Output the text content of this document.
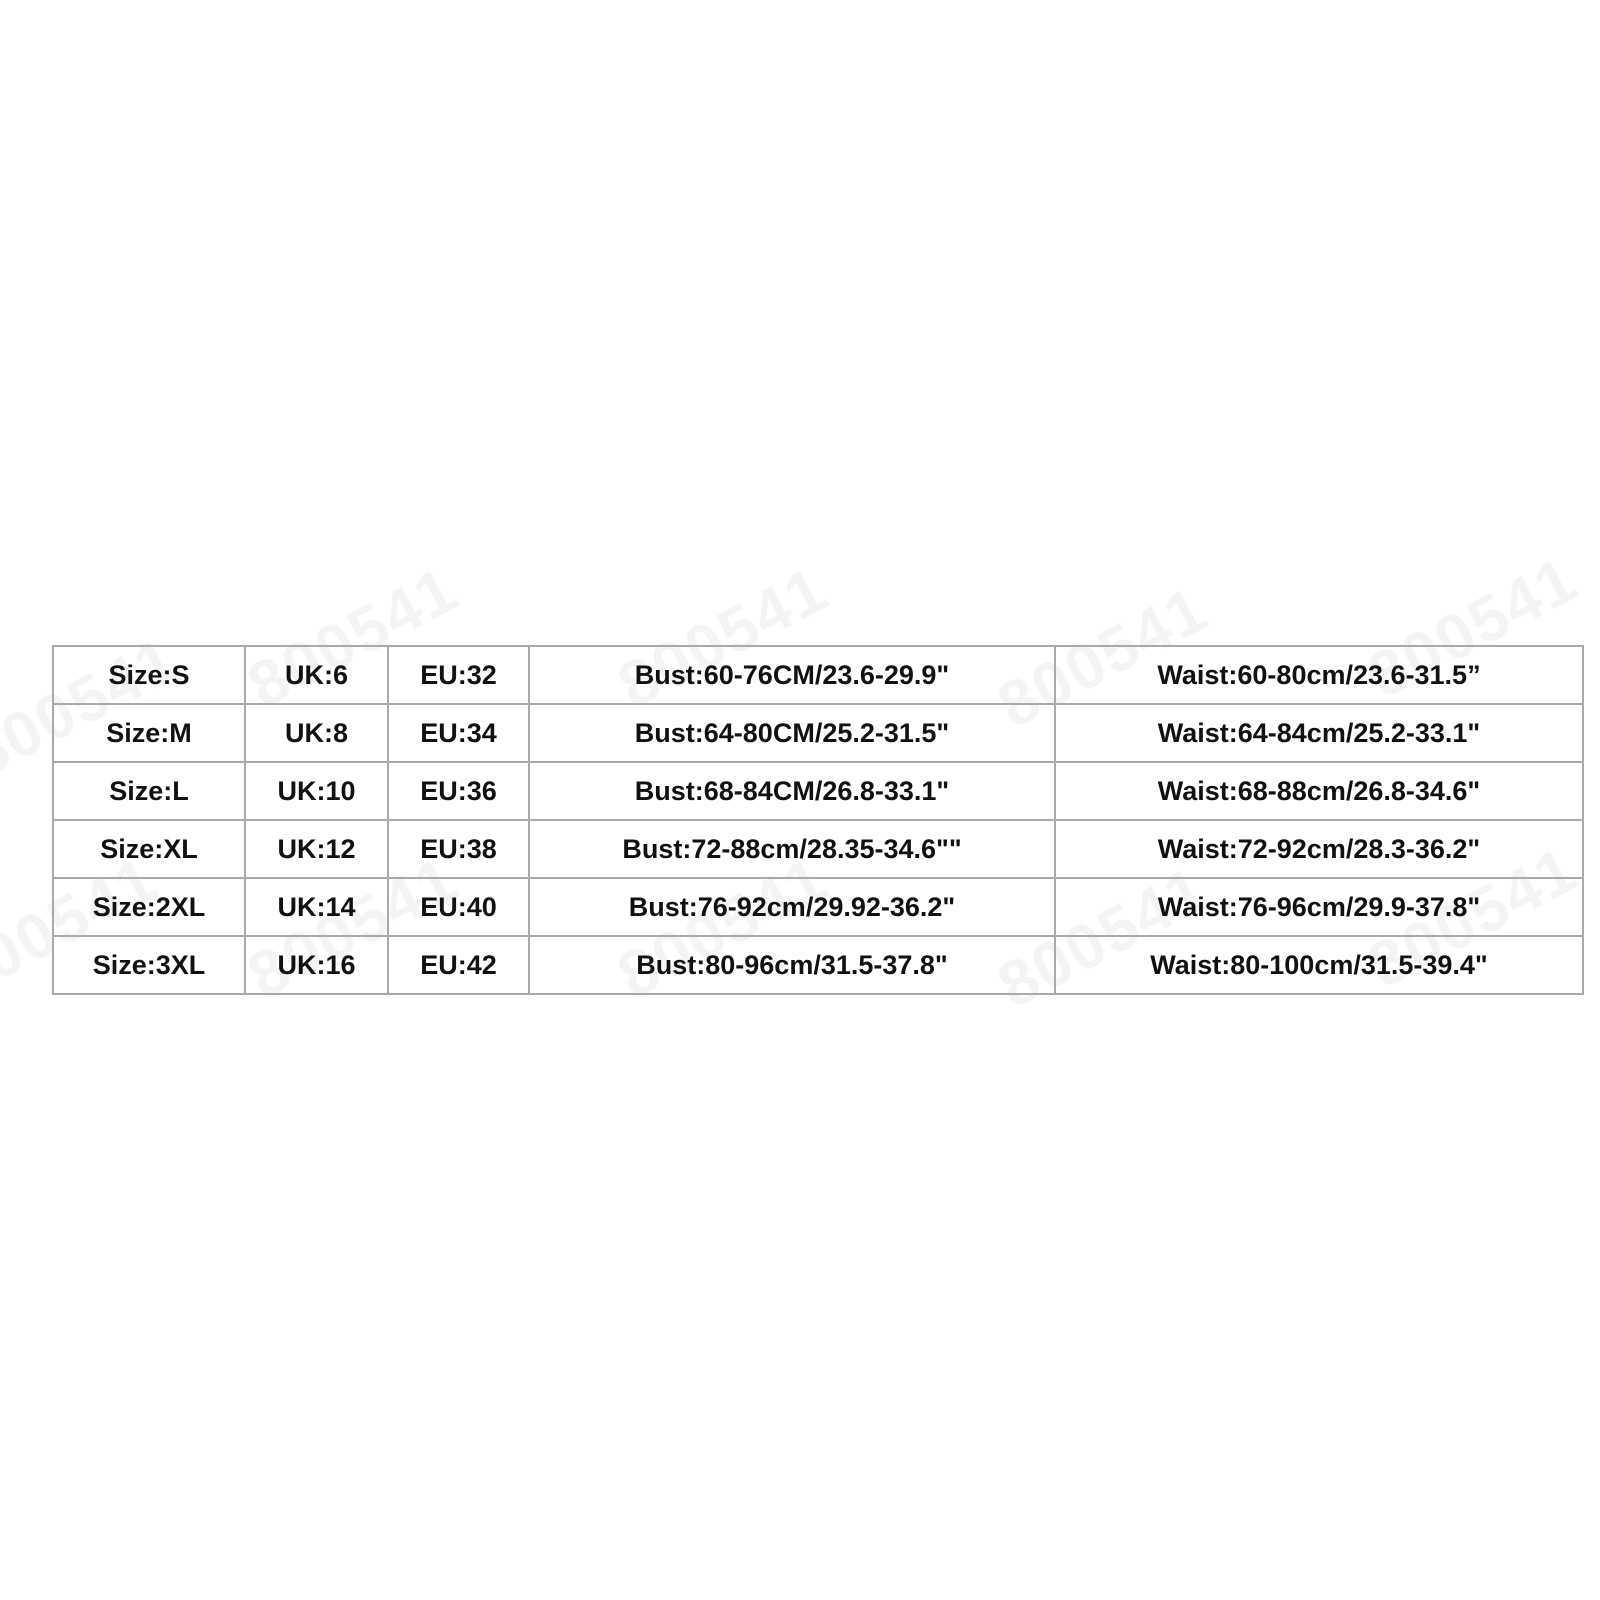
Size:S	UK:6	EU:32	Bust:60-76CM/23.6-29.9"	Waist:60-80cm/23.6-31.5”
Size:M	UK:8	EU:34	Bust:64-80CM/25.2-31.5"	Waist:64-84cm/25.2-33.1"
Size:L	UK:10	EU:36	Bust:68-84CM/26.8-33.1"	Waist:68-88cm/26.8-34.6"
Size:XL	UK:12	EU:38	Bust:72-88cm/28.35-34.6""	Waist:72-92cm/28.3-36.2"
Size:2XL	UK:14	EU:40	Bust:76-92cm/29.92-36.2"	Waist:76-96cm/29.9-37.8"
Size:3XL	UK:16	EU:42	Bust:80-96cm/31.5-37.8"	Waist:80-100cm/31.5-39.4"
